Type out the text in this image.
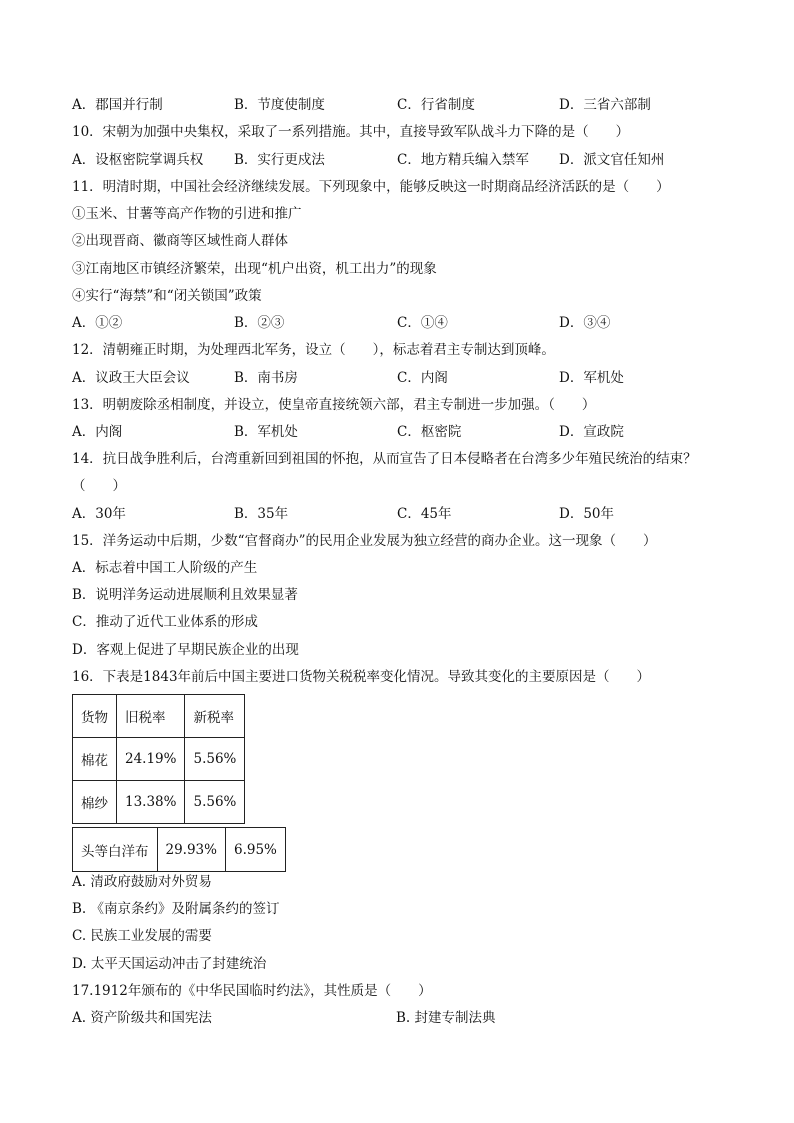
A．郡国并行制	B．节度使制度	C．行省制度	D．三省六部制
10．宋朝为加强中央集权，采取了一系列措施。其中，直接导致军队战斗力下降的是（　　）
A．设枢密院掌调兵权 B．实行更戍法	C．地方精兵编入禁军 D．派文官任知州
11．明清时期，中国社会经济继续发展。下列现象中，能够反映这一时期商品经济活跃的是（　　）
①玉米、甘薯等高产作物的引进和推广
②出现晋商、徽商等区域性商人群体
③江南地区市镇经济繁荣，出现“机户出资，机工出力”的现象
④实行“海禁”和“闭关锁国”政策
A．①②	B．②③	C．①④	D．③④
12．清朝雍正时期，为处理西北军务，设立（　　），标志着君主专制达到顶峰。
A．议政王大臣会议	B．南书房	C．内阁	D．军机处
13．明朝废除丞相制度，并设立，使皇帝直接统领六部，君主专制进一步加强。（　　）
A．内阁	B．军机处	C．枢密院	D．宣政院
14．抗日战争胜利后，台湾重新回到祖国的怀抱，从而宣告了日本侵略者在台湾多少年殖民统治的结束？
（　　）
A．30年	B．35年	C．45年	D．50年
15．洋务运动中后期，少数“官督商办”的民用企业发展为独立经营的商办企业。这一现象（　　）
A．标志着中国工人阶级的产生
B．说明洋务运动进展顺利且效果显著
C．推动了近代工业体系的形成
D．客观上促进了早期民族企业的出现
16．下表是1843年前后中国主要进口货物关税税率变化情况。导致其变化的主要原因是（　　）
货物	旧税率	新税率
棉花	24.19%	5.56%
棉纱	13.38%	5.56%
头等白洋布	29.93%	6.95%
A. 清政府鼓励对外贸易
B. 《南京条约》及附属条约的签订
C. 民族工业发展的需要
D. 太平天国运动冲击了封建统治
17.1912年颁布的《中华民国临时约法》，其性质是（　　）
A. 资产阶级共和国宪法	B. 封建专制法典
